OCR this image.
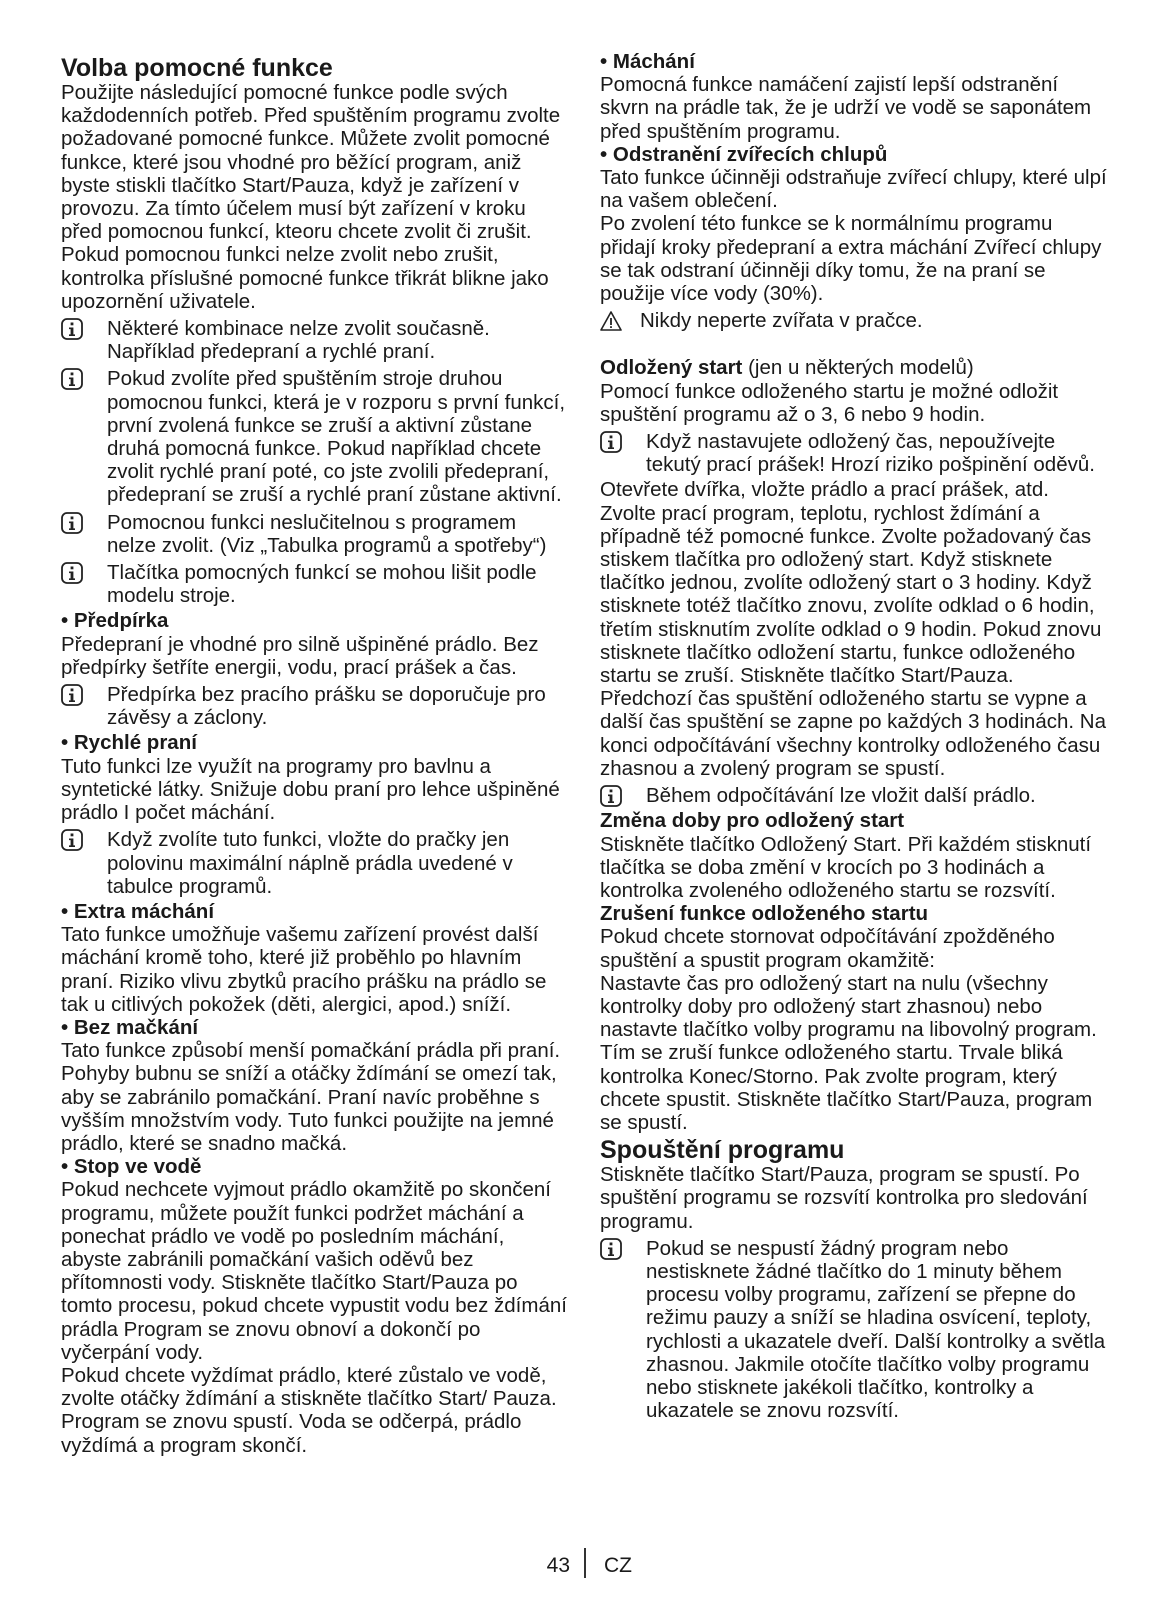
Volba pomocné funkce

Použijte následující pomocné funkce podle svých každodenních potřeb. Před spuštěním programu zvolte požadované pomocné funkce. Můžete zvolit pomocné funkce, které jsou vhodné pro běžící program, aniž byste stiskli tlačítko Start/Pauza, když je zařízení v provozu. Za tímto účelem musí být zařízení v kroku před pomocnou funkcí, kteoru chcete zvolit či zrušit.

Pokud pomocnou funkci nelze zvolit nebo zrušit, kontrolka příslušné pomocné funkce třikrát blikne jako upozornění uživatele.

Některé kombinace nelze zvolit současně. Například předepraní a rychlé praní.
Pokud zvolíte před spuštěním stroje druhou pomocnou funkci, která je v rozporu s první funkcí, první zvolená funkce se zruší a aktivní zůstane druhá pomocná funkce. Pokud například chcete zvolit rychlé praní poté, co jste zvolili předepraní, předepraní se zruší a rychlé praní zůstane aktivní.
Pomocnou funkci neslučitelnou s programem nelze zvolit. (Viz „Tabulka programů a spotřeby“)
Tlačítka pomocných funkcí se mohou lišit podle modelu stroje.

• Předpírka

Předepraní je vhodné pro silně ušpiněné prádlo. Bez předpírky šetříte energii, vodu, prací prášek a čas.

Předpírka bez pracího prášku se doporučuje pro závěsy a záclony.

• Rychlé praní

Tuto funkci lze využít na programy pro bavlnu a syntetické látky. Snižuje dobu praní pro lehce ušpiněné prádlo I počet máchání.

Když zvolíte tuto funkci, vložte do pračky jen polovinu maximální náplně prádla uvedené v tabulce programů.

• Extra máchání

Tato funkce umožňuje vašemu zařízení provést další máchání kromě toho, které již proběhlo po hlavním praní. Riziko vlivu zbytků pracího prášku na prádlo se tak u citlivých pokožek (děti, alergici, apod.) sníží.

• Bez mačkání

Tato funkce způsobí menší pomačkání prádla při praní. Pohyby bubnu se sníží a otáčky ždímání se omezí tak, aby se zabránilo pomačkání. Praní navíc proběhne s vyšším množstvím vody. Tuto funkci použijte na jemné prádlo, které se snadno mačká.

• Stop ve vodě

Pokud nechcete vyjmout prádlo okamžitě po skončení programu, můžete použít funkci podržet máchání a ponechat prádlo ve vodě po posledním máchání, abyste zabránili pomačkání vašich oděvů bez přítomnosti vody. Stiskněte tlačítko Start/Pauza po tomto procesu, pokud chcete vypustit vodu bez ždímání prádla Program se znovu obnoví a dokončí po vyčerpání vody.

Pokud chcete vyždímat prádlo, které zůstalo ve vodě, zvolte otáčky ždímání a stiskněte tlačítko Start/ Pauza.

Program se znovu spustí. Voda se odčerpá, prádlo vyždímá a program skončí.

• Máchání

Pomocná funkce namáčení zajistí lepší odstranění skvrn na prádle tak, že je udrží ve vodě se saponátem před spuštěním programu.

• Odstranění zvířecích chlupů

Tato funkce účinněji odstraňuje zvířecí chlupy, které ulpí na vašem oblečení.

Po zvolení této funkce se k normálnímu programu přidají kroky předepraní a extra máchání Zvířecí chlupy se tak odstraní účinněji díky tomu, že na praní se použije více vody (30%).

Nikdy neperte zvířata v pračce.

Odložený start (jen u některých modelů)

Pomocí funkce odloženého startu je možné odložit spuštění programu až o 3, 6 nebo 9 hodin.

Když nastavujete odložený čas, nepoužívejte tekutý prací prášek! Hrozí riziko pošpinění oděvů.

Otevřete dvířka, vložte prádlo a prací prášek, atd. Zvolte prací program, teplotu, rychlost ždímání a případně též pomocné funkce. Zvolte požadovaný čas stiskem tlačítka pro odložený start. Když stisknete tlačítko jednou, zvolíte odložený start o 3 hodiny. Když stisknete totéž tlačítko znovu, zvolíte odklad o 6 hodin, třetím stisknutím zvolíte odklad o 9 hodin. Pokud znovu stisknete tlačítko odložení startu, funkce odloženého startu se zruší. Stiskněte tlačítko Start/Pauza. Předchozí čas spuštění odloženého startu se vypne a další čas spuštění se zapne po každých 3 hodinách. Na konci odpočítávání všechny kontrolky odloženého času zhasnou a zvolený program se spustí.

Během odpočítávání lze vložit další prádlo.

Změna doby pro odložený start

Stiskněte tlačítko Odložený Start. Při každém stisknutí tlačítka se doba změní v krocích po 3 hodinách a kontrolka zvoleného odloženého startu se rozsvítí.

Zrušení funkce odloženého startu

Pokud chcete stornovat odpočítávání zpožděného spuštění a spustit program okamžitě:

Nastavte čas pro odložený start na nulu (všechny kontrolky doby pro odložený start zhasnou) nebo nastavte tlačítko volby programu na libovolný program. Tím se zruší funkce odloženého startu. Trvale bliká kontrolka Konec/Storno. Pak zvolte program, který chcete spustit. Stiskněte tlačítko Start/Pauza, program se spustí.

Spouštění programu

Stiskněte tlačítko Start/Pauza, program se spustí. Po spuštění programu se rozsvítí kontrolka pro sledování programu.

Pokud se nespustí žádný program nebo nestisknete žádné tlačítko do 1 minuty během procesu volby programu, zařízení se přepne do režimu pauzy a sníží se hladina osvícení, teploty, rychlosti a ukazatele dveří. Další kontrolky a světla zhasnou. Jakmile otočíte tlačítko volby programu nebo stisknete jakékoli tlačítko, kontrolky a ukazatele se znovu rozsvítí.
43 CZ
